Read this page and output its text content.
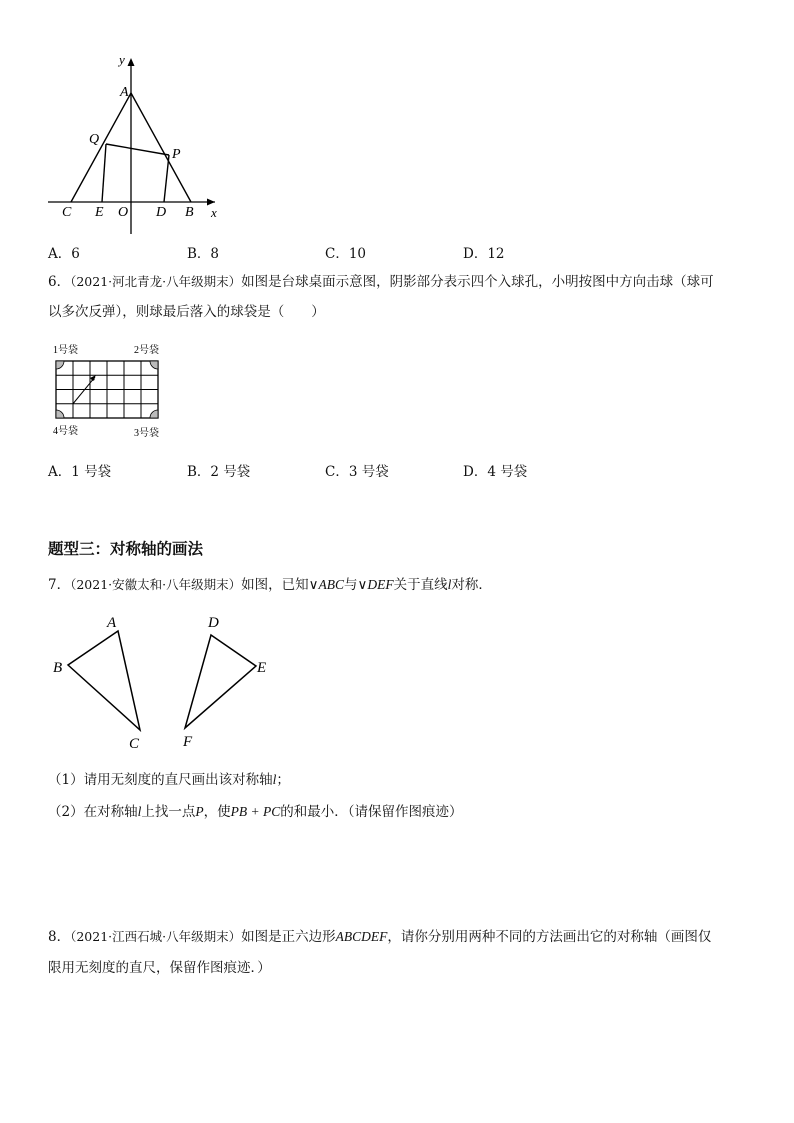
y
A
Q
P
C E O D B x
A．6	B．8	C．10	D．12
6．（2021·河北青龙·八年级期末）如图是台球桌面示意图，阴影部分表示四个入球孔，小明按图中方向击球（球可
以多次反弹），则球最后落入的球袋是（　　）
1号袋	2号袋
4号袋	3号袋
A．1 号袋	B．2 号袋	C．3 号袋	D．4 号袋
题型三：对称轴的画法
7．（2021·安徽太和·八年级期末）如图，已知∨ABC与∨DEF关于直线l对称．
A
B
C
D
E
F
（1）请用无刻度的直尺画出该对称轴l；
（2）在对称轴l上找一点P，使PB + PC的和最小．（请保留作图痕迹）
8．（2021·江西石城·八年级期末）如图是正六边形ABCDEF，请你分别用两种不同的方法画出它的对称轴（画图仅
限用无刻度的直尺，保留作图痕迹．）
